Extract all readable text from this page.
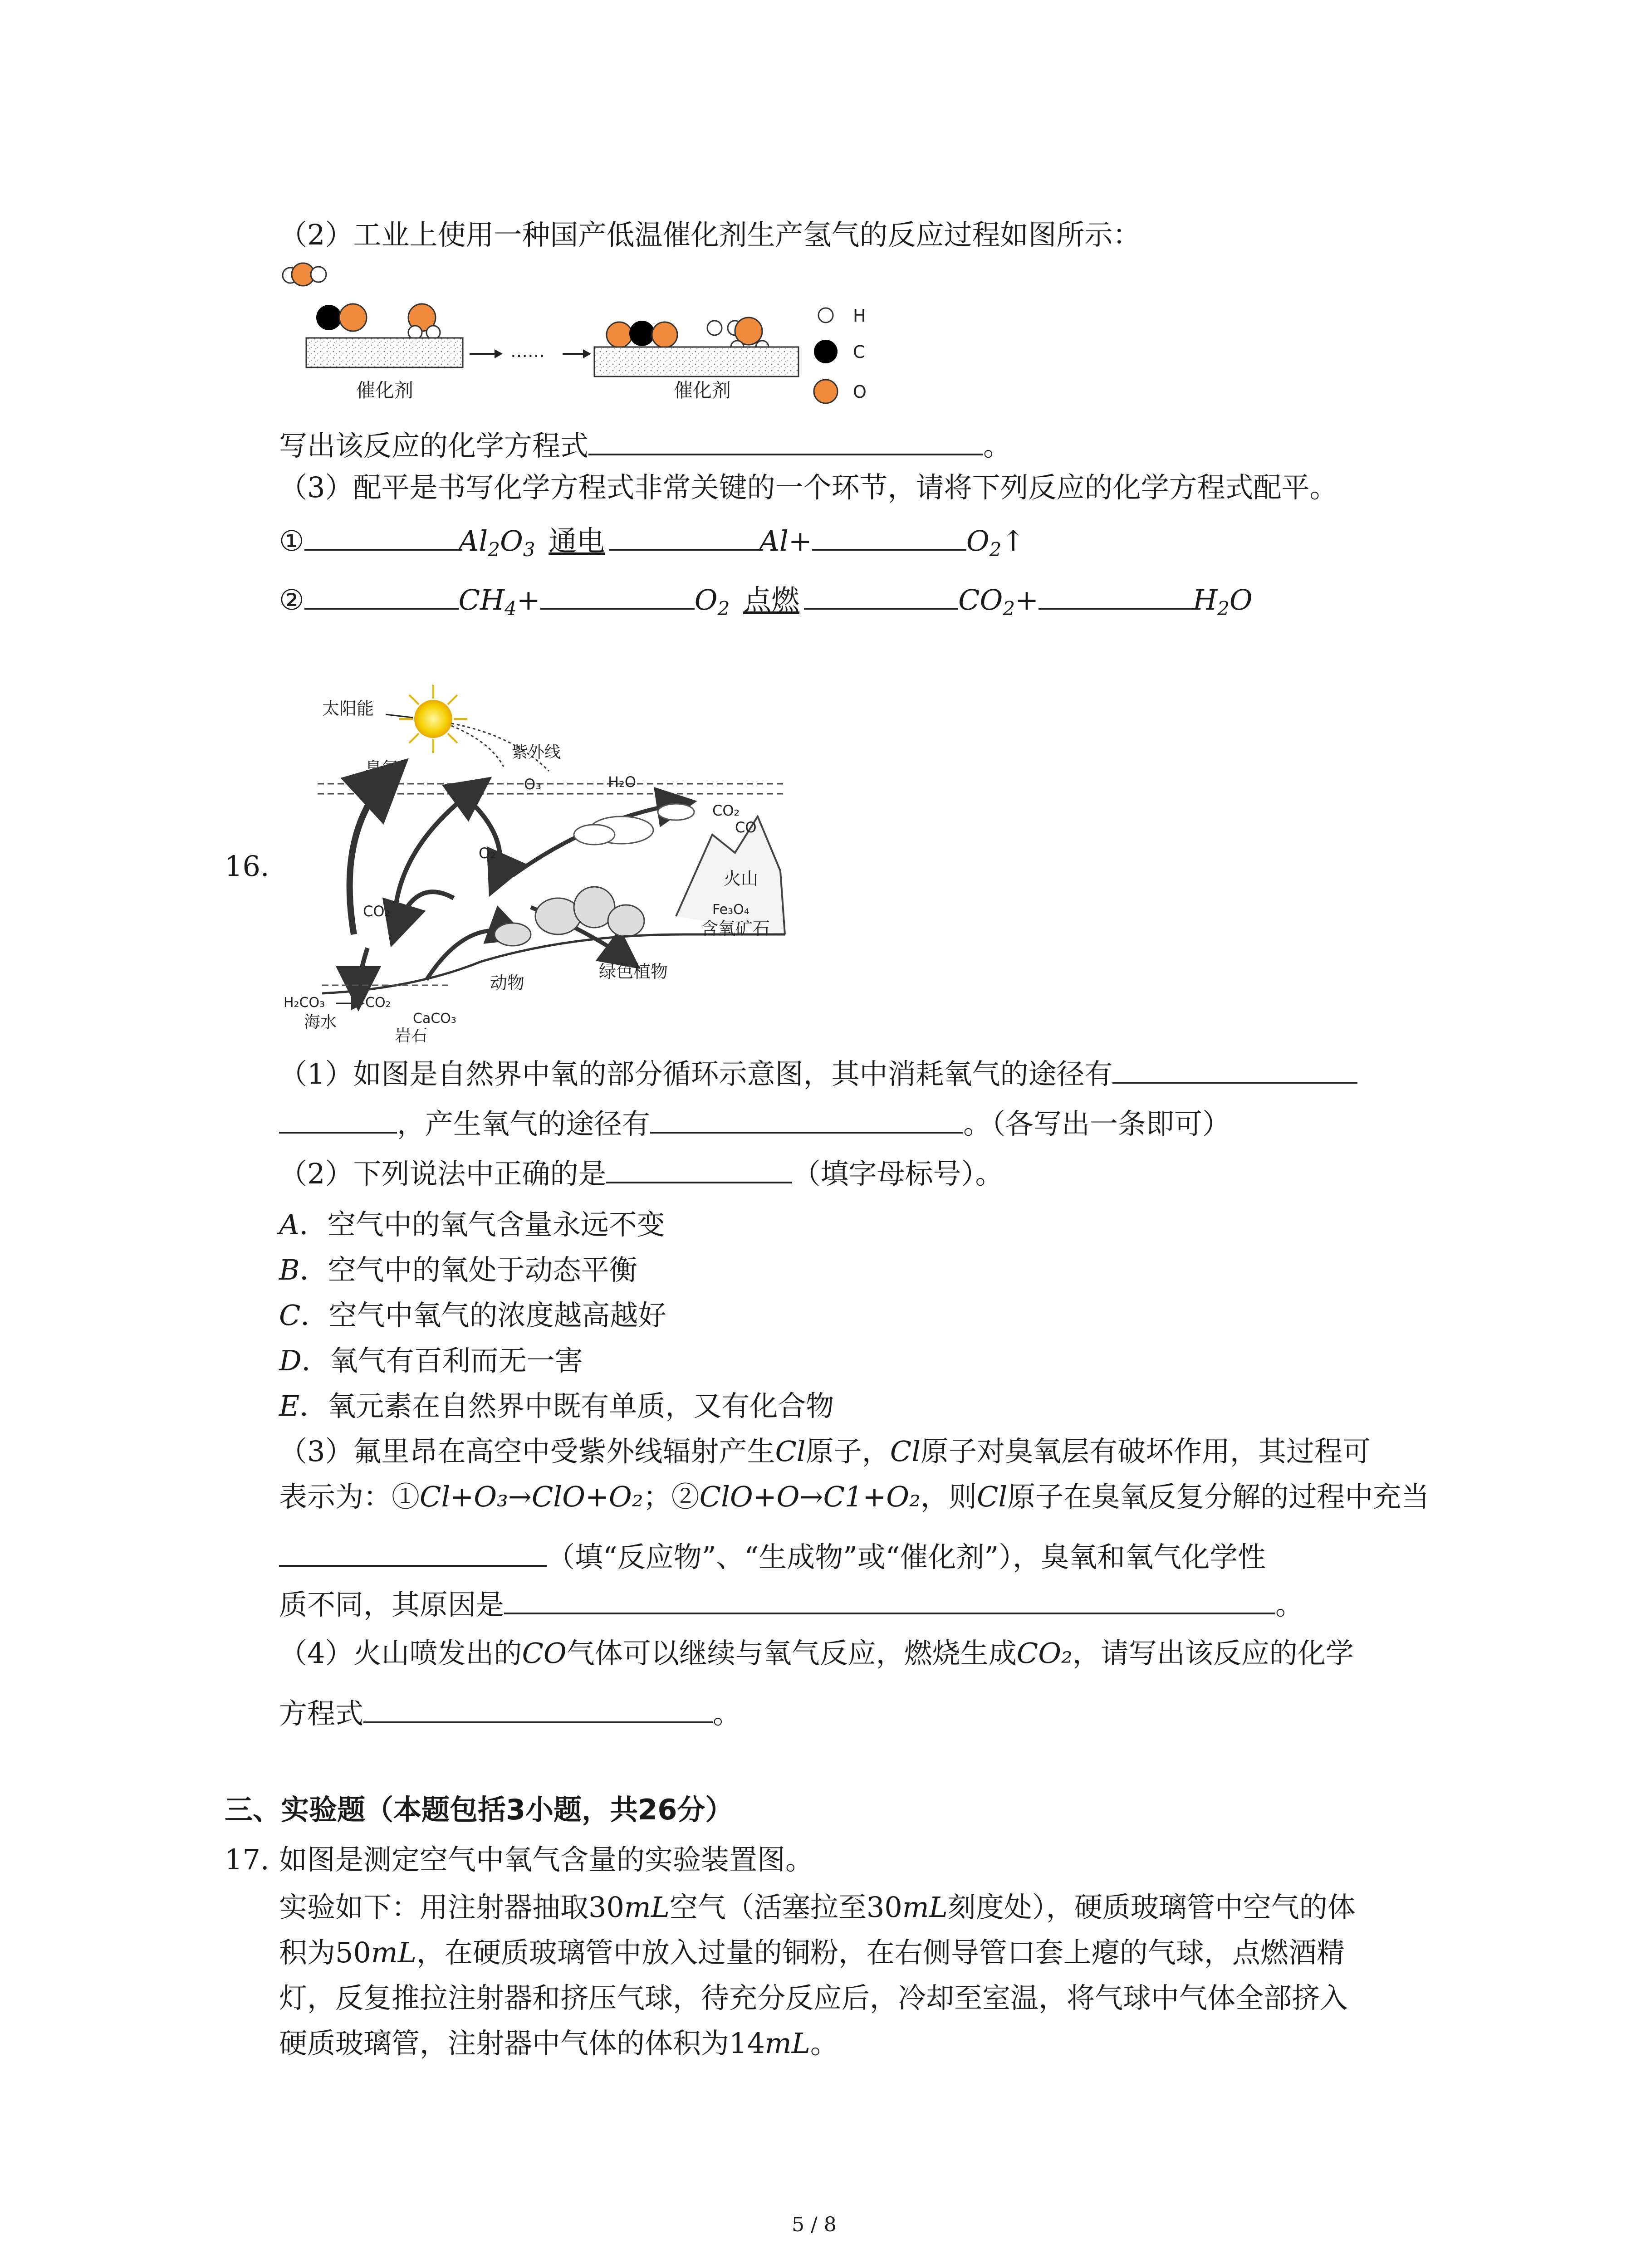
（2）工业上使用一种国产低温催化剂生产氢气的反应过程如图所示：
催化剂
……
催化剂
H
C
O
写出该反应的化学方程式	。
（3）配平是书写化学方程式非常关键的一个环节，请将下列反应的化学方程式配平。
①	$Al_2O_3$ 通电	Al+	$O_2↑$
②	$CH_4+$	$O_2$ 点燃	$CO_2+$	$H_2O$
16.
太阳能
紫外线
臭氧
O₃	H₂O
CO₂
CO
O₂
火山
CO₂	Fe₃O₄
含氧矿石
动物
绿色植物
H₂CO₃	CO₂
海水	CaCO₃
岩石
（1）如图是自然界中氧的部分循环示意图，其中消耗氧气的途径有
，产生氧气的途径有	。（各写出一条即可）
（2）下列说法中正确的是	（填字母标号）。
A．空气中的氧气含量永远不变
B．空气中的氧处于动态平衡
C．空气中氧气的浓度越高越好
D．氧气有百利而无一害
E．氧元素在自然界中既有单质，又有化合物
（3）氟里昂在高空中受紫外线辐射产生Cl原子，Cl原子对臭氧层有破坏作用，其过程可
表示为：①Cl+O₃→ClO+O₂；②ClO+O→C1+O₂，则Cl原子在臭氧反复分解的过程中充当
（填“反应物”、“生成物”或“催化剂”），臭氧和氧气化学性
质不同，其原因是	。
（4）火山喷发出的CO气体可以继续与氧气反应，燃烧生成CO₂，请写出该反应的化学
方程式	。
三、实验题（本题包括3小题，共26分）
17. 如图是测定空气中氧气含量的实验装置图。
实验如下：用注射器抽取30mL空气（活塞拉至30mL刻度处），硬质玻璃管中空气的体
积为50mL，在硬质玻璃管中放入过量的铜粉，在右侧导管口套上瘪的气球，点燃酒精
灯，反复推拉注射器和挤压气球，待充分反应后，冷却至室温，将气球中气体全部挤入
硬质玻璃管，注射器中气体的体积为14mL。
5 / 8
